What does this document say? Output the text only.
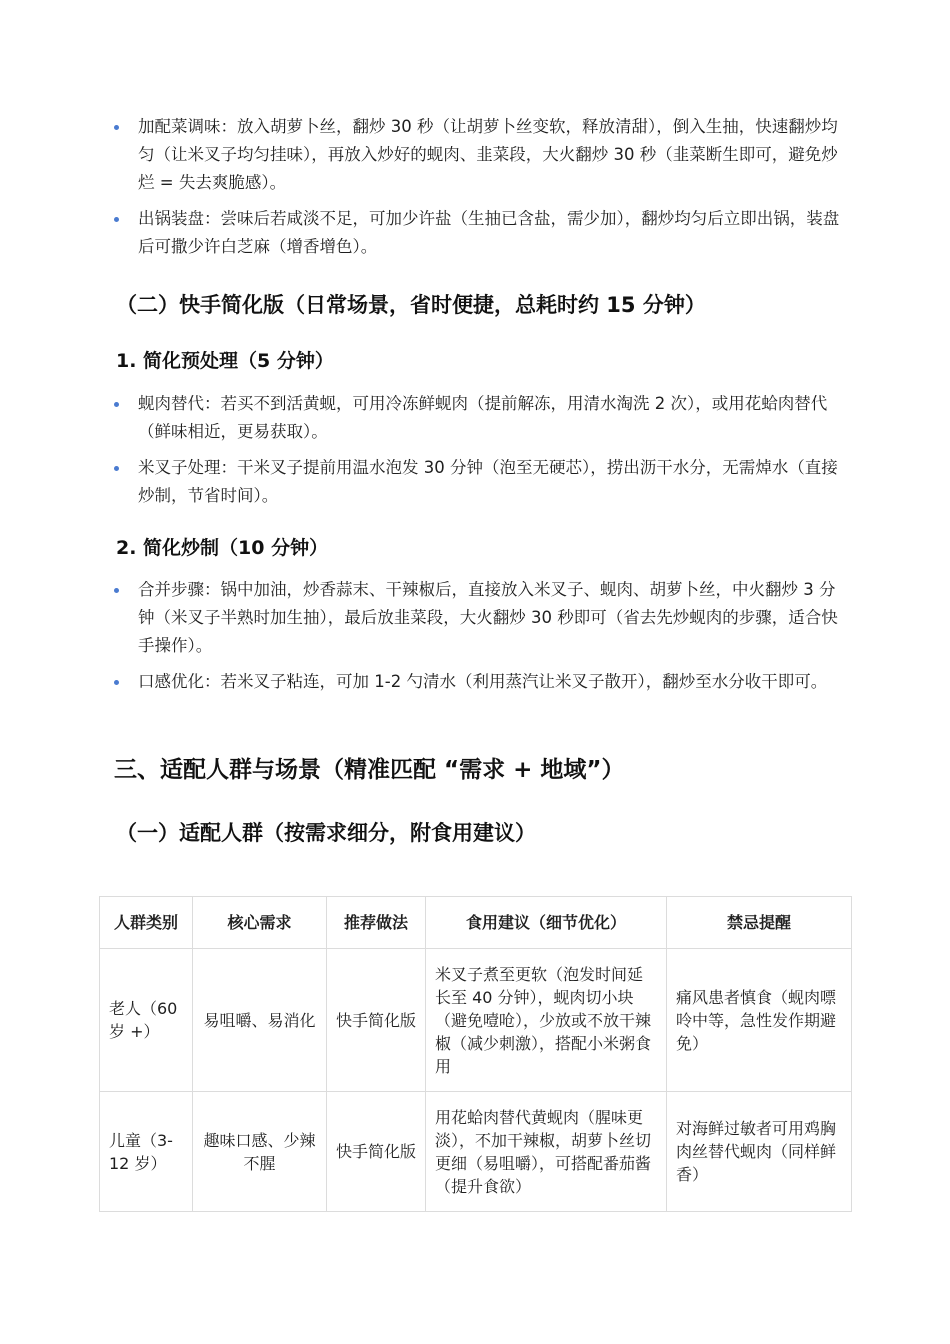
加配菜调味：放入胡萝卜丝，翻炒 30 秒（让胡萝卜丝变软，释放清甜），倒入生抽，快速翻炒均匀（让米叉子均匀挂味），再放入炒好的蚬肉、韭菜段，大火翻炒 30 秒（韭菜断生即可，避免炒烂 = 失去爽脆感）。
出锅装盘：尝味后若咸淡不足，可加少许盐（生抽已含盐，需少加），翻炒均匀后立即出锅，装盘后可撒少许白芝麻（增香增色）。
（二）快手简化版（日常场景，省时便捷，总耗时约 15 分钟）
1. 简化预处理（5 分钟）
蚬肉替代：若买不到活黄蚬，可用冷冻鲜蚬肉（提前解冻，用清水淘洗 2 次），或用花蛤肉替代（鲜味相近，更易获取）。
米叉子处理：干米叉子提前用温水泡发 30 分钟（泡至无硬芯），捞出沥干水分，无需焯水（直接炒制，节省时间）。
2. 简化炒制（10 分钟）
合并步骤：锅中加油，炒香蒜末、干辣椒后，直接放入米叉子、蚬肉、胡萝卜丝，中火翻炒 3 分钟（米叉子半熟时加生抽），最后放韭菜段，大火翻炒 30 秒即可（省去先炒蚬肉的步骤，适合快手操作）。
口感优化：若米叉子粘连，可加 1-2 勺清水（利用蒸汽让米叉子散开），翻炒至水分收干即可。
三、适配人群与场景（精准匹配 “需求 + 地域”）
（一）适配人群（按需求细分，附食用建议）
人群类别	核心需求	推荐做法	食用建议（细节优化）	禁忌提醒
老人（60 岁 +）	易咀嚼、易消化	快手简化版	米叉子煮至更软（泡发时间延长至 40 分钟），蚬肉切小块（避免噎呛），少放或不放干辣椒（减少刺激），搭配小米粥食用	痛风患者慎食（蚬肉嘌呤中等，急性发作期避免）
儿童（3-12 岁）	趣味口感、少辣不腥	快手简化版	用花蛤肉替代黄蚬肉（腥味更淡），不加干辣椒，胡萝卜丝切更细（易咀嚼），可搭配番茄酱（提升食欲）	对海鲜过敏者可用鸡胸肉丝替代蚬肉（同样鲜香）
